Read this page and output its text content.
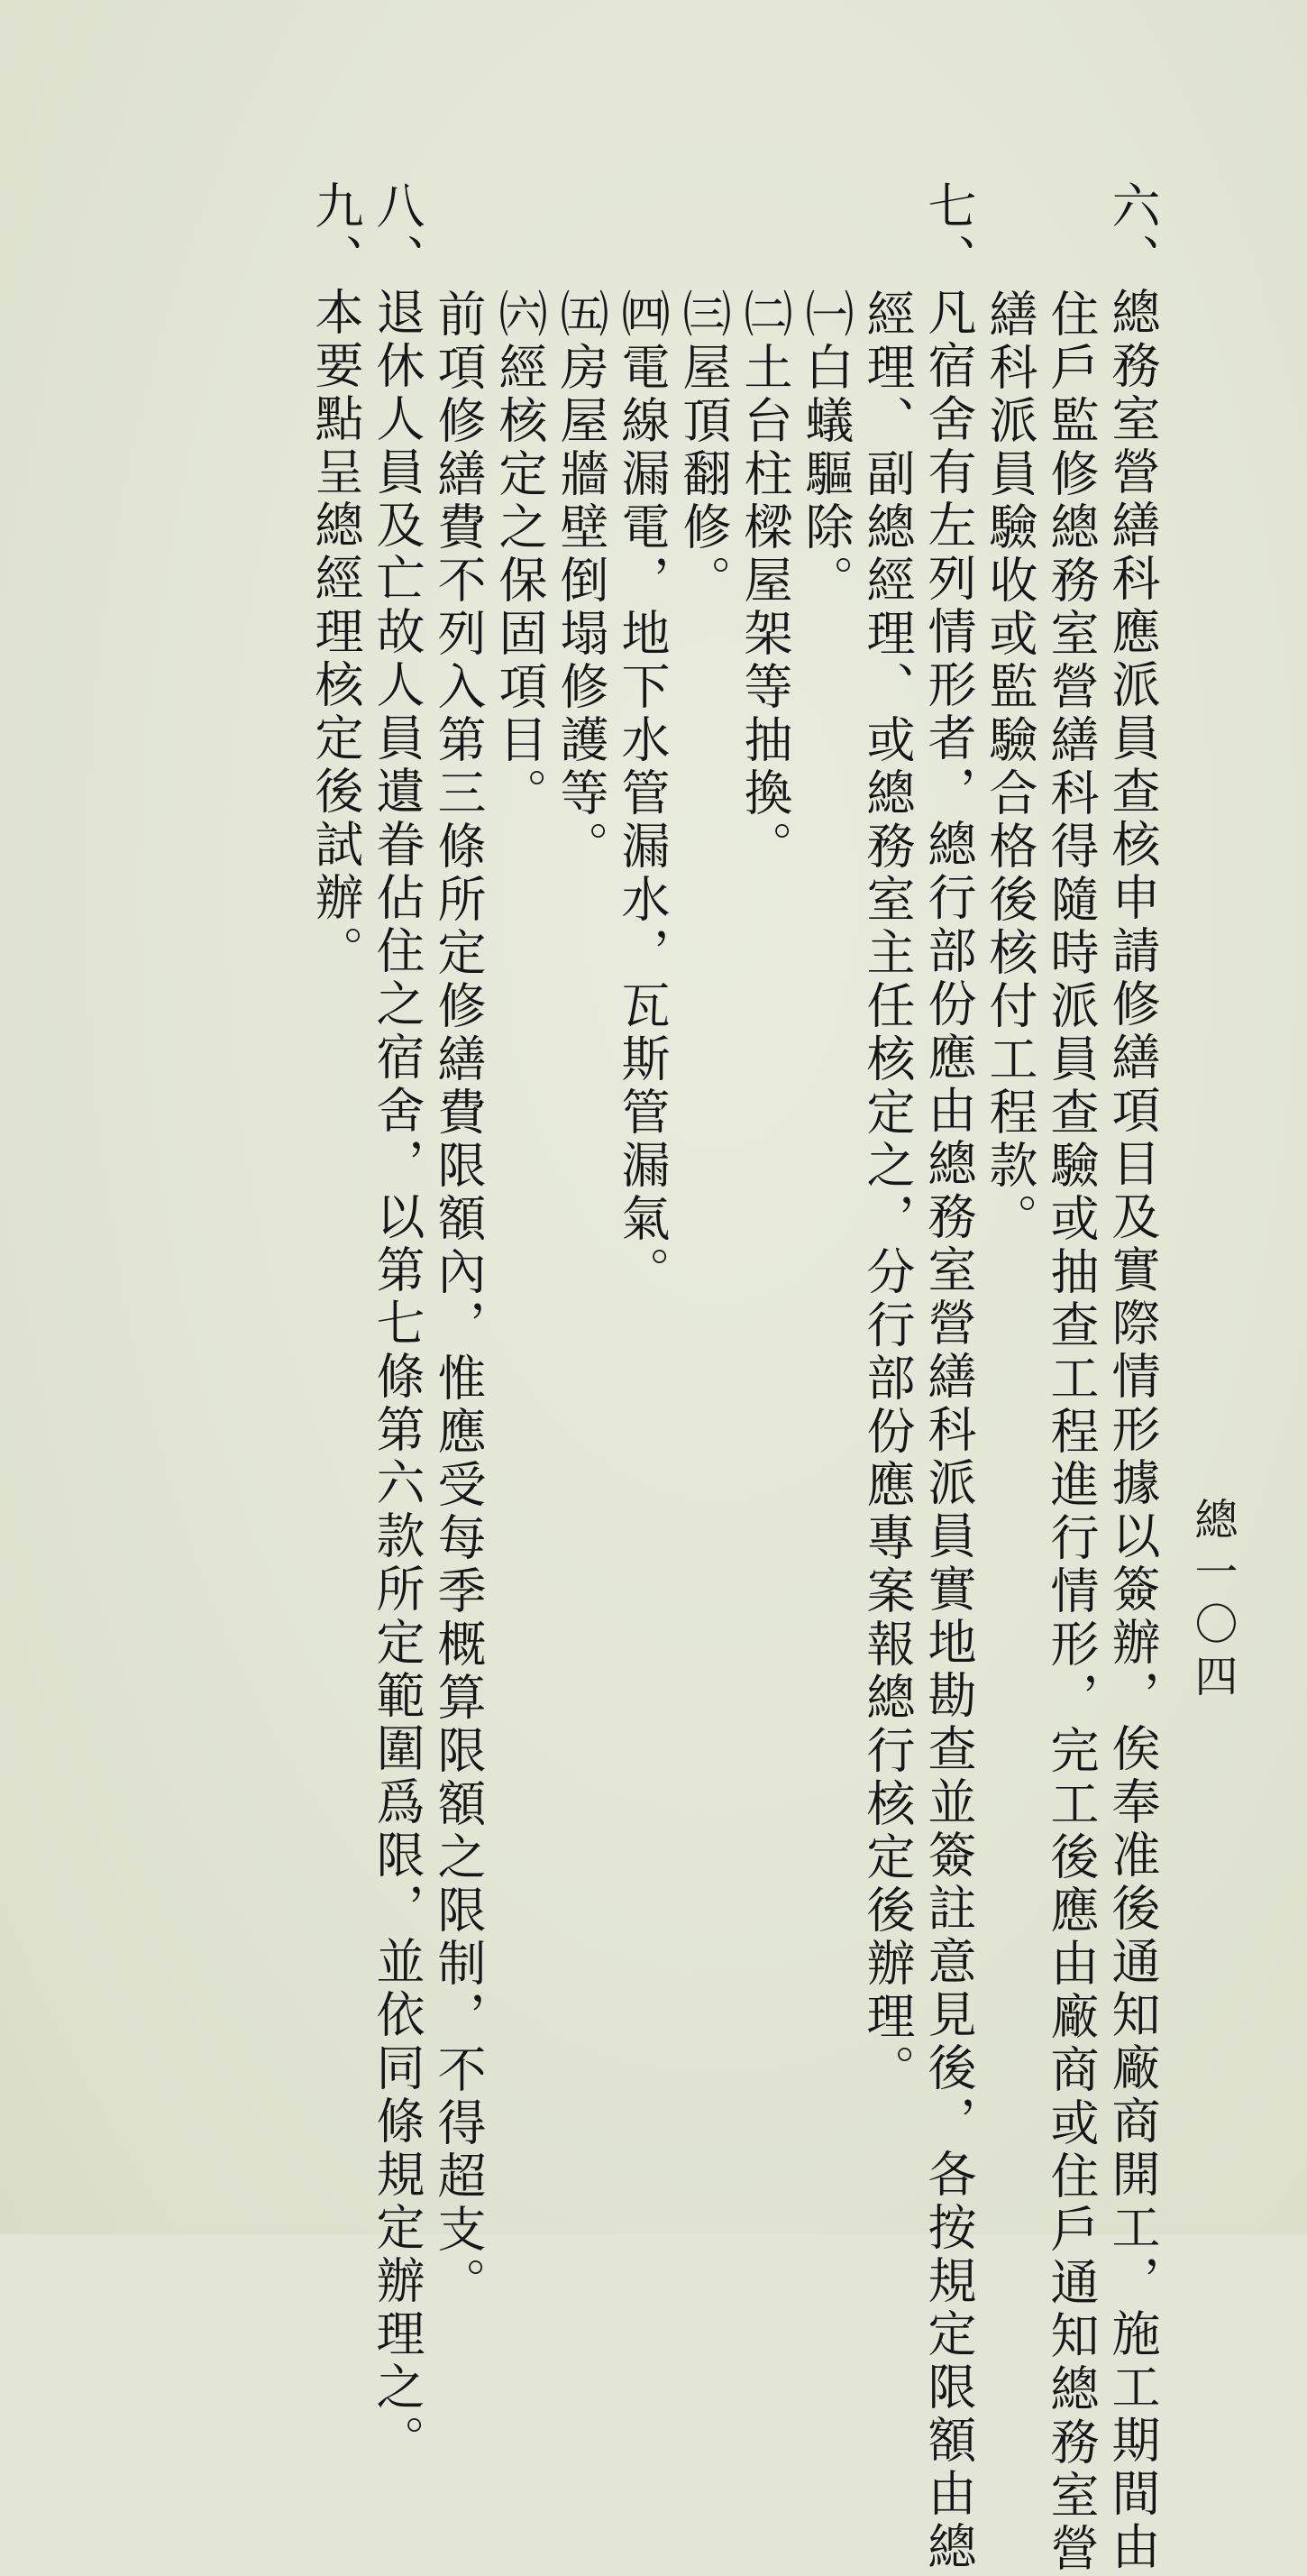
總一〇四
六、總務室營繕科應派員查核申請修繕項目及實際情形據以簽辦，俟奉准後通知廠商開工，施工期間由
住戶監修總務室營繕科得隨時派員查驗或抽查工程進行情形，完工後應由廠商或住戶通知總務室營
繕科派員驗收或監驗合格後核付工程款。
七、凡宿舍有左列情形者，總行部份應由總務室營繕科派員實地勘查並簽註意見後，各按規定限額由總
經理、副總經理、或總務室主任核定之，分行部份應專案報總行核定後辦理。
㈠白蟻驅除。
㈡土台柱樑屋架等抽換。
㈢屋頂翻修。
㈣電線漏電，地下水管漏水，瓦斯管漏氣。
㈤房屋牆壁倒塌修護等。
㈥經核定之保固項目。
前項修繕費不列入第三條所定修繕費限額內，惟應受每季概算限額之限制，不得超支。
八、退休人員及亡故人員遺眷佔住之宿舍，以第七條第六款所定範圍爲限，並依同條規定辦理之。
九、本要點呈總經理核定後試辦。
